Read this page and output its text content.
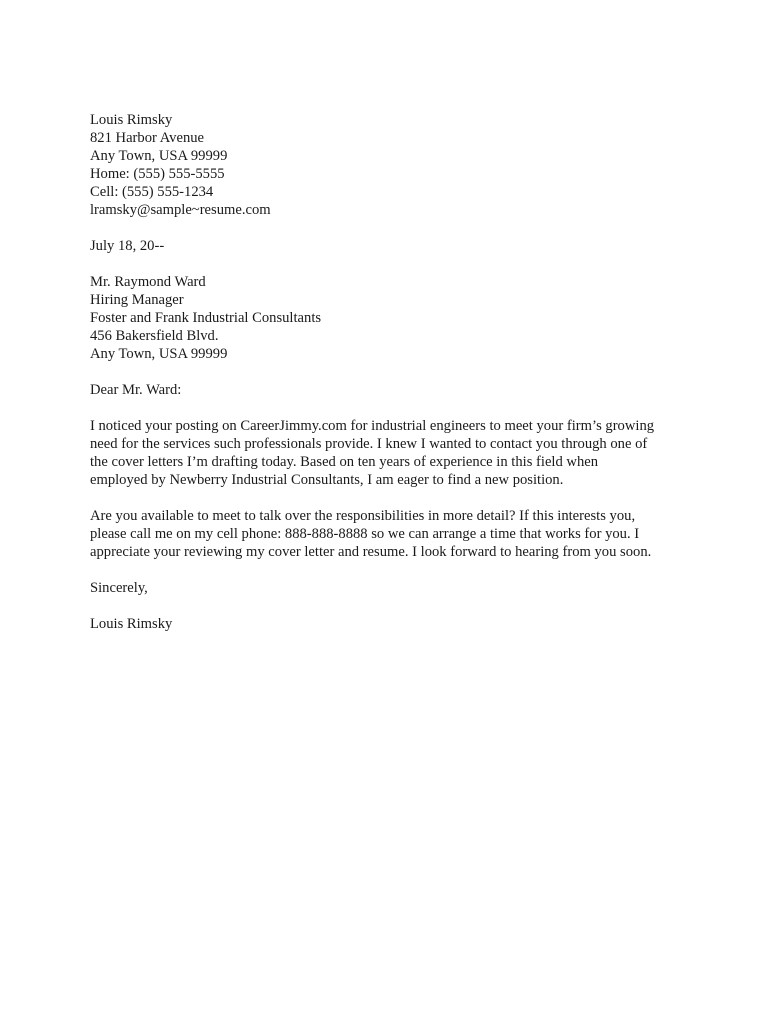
Louis Rimsky
821 Harbor Avenue
Any Town, USA 99999
Home: (555) 555-5555
Cell: (555) 555-1234
lramsky@sample~resume.com
July 18, 20--
Mr. Raymond Ward
Hiring Manager
Foster and Frank Industrial Consultants
456 Bakersfield Blvd.
Any Town, USA 99999
Dear Mr. Ward:
I noticed your posting on CareerJimmy.com for industrial engineers to meet your firm’s growing
need for the services such professionals provide. I knew I wanted to contact you through one of
the cover letters I’m drafting today. Based on ten years of experience in this field when
employed by Newberry Industrial Consultants, I am eager to find a new position.
Are you available to meet to talk over the responsibilities in more detail? If this interests you,
please call me on my cell phone: 888-888-8888 so we can arrange a time that works for you. I
appreciate your reviewing my cover letter and resume. I look forward to hearing from you soon.
Sincerely,
Louis Rimsky
